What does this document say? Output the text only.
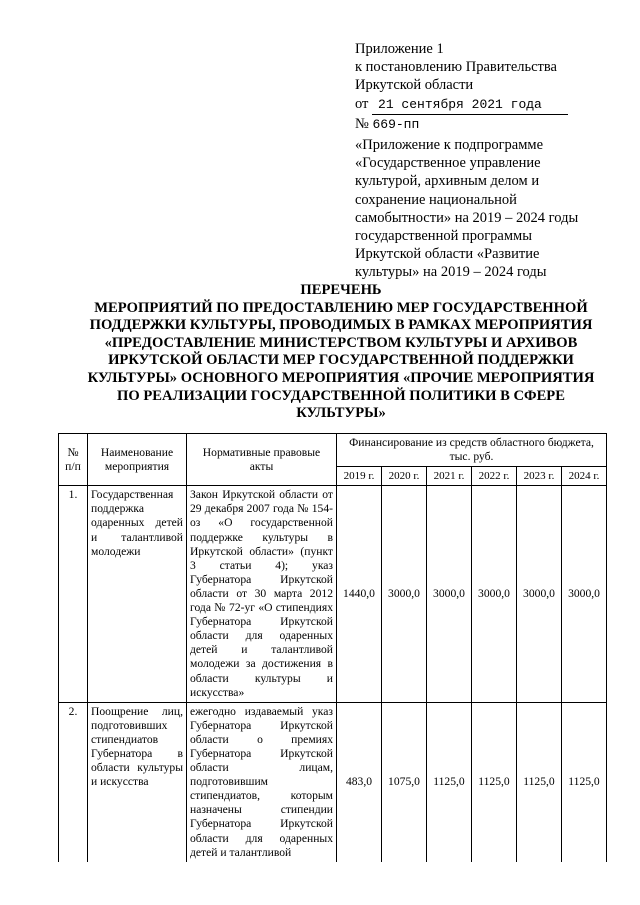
Приложение 1
к постановлению Правительства
Иркутской области
от 21 сентября 2021 года
№ 669-пп
«Приложение к подпрограмме «Государственное управление культурой, архивным делом и сохранение национальной самобытности» на 2019 – 2024 годы государственной программы Иркутской области «Развитие культуры» на 2019 – 2024 годы
ПЕРЕЧЕНЬ
МЕРОПРИЯТИЙ ПО ПРЕДОСТАВЛЕНИЮ МЕР ГОСУДАРСТВЕННОЙ ПОДДЕРЖКИ КУЛЬТУРЫ, ПРОВОДИМЫХ В РАМКАХ МЕРОПРИЯТИЯ «ПРЕДОСТАВЛЕНИЕ МИНИСТЕРСТВОМ КУЛЬТУРЫ И АРХИВОВ ИРКУТСКОЙ ОБЛАСТИ МЕР ГОСУДАРСТВЕННОЙ ПОДДЕРЖКИ КУЛЬТУРЫ» ОСНОВНОГО МЕРОПРИЯТИЯ «ПРОЧИЕ МЕРОПРИЯТИЯ ПО РЕАЛИЗАЦИИ ГОСУДАРСТВЕННОЙ ПОЛИТИКИ В СФЕРЕ
КУЛЬТУРЫ»
№ п/п	Наименование мероприятия	Нормативные правовые акты	Финансирование из средств областного бюджета, тыс. руб.					
			2019 г.	2020 г.	2021 г.	2022 г.	2023 г.	2024 г.
1.	Государственная поддержка одаренных детей и талантливой молодежи	Закон Иркутской области от 29 декабря 2007 года № 154-оз «О государственной поддержке культуры в Иркутской области» (пункт 3 статьи 4); указ Губернатора Иркутской области от 30 марта 2012 года № 72-уг «О стипендиях Губернатора Иркутской области для одаренных детей и талантливой молодежи за достижения в области культуры и искусства»	1440,0	3000,0	3000,0	3000,0	3000,0	3000,0
2.	Поощрение лиц, подготовивших стипендиатов Губернатора в области культуры и искусства	ежегодно издаваемый указ Губернатора Иркутской области о премиях Губернатора Иркутской области лицам, подготовившим стипендиатов, которым назначены стипендии Губернатора Иркутской области для одаренных детей и талантливой	483,0	1075,0	1125,0	1125,0	1125,0	1125,0
